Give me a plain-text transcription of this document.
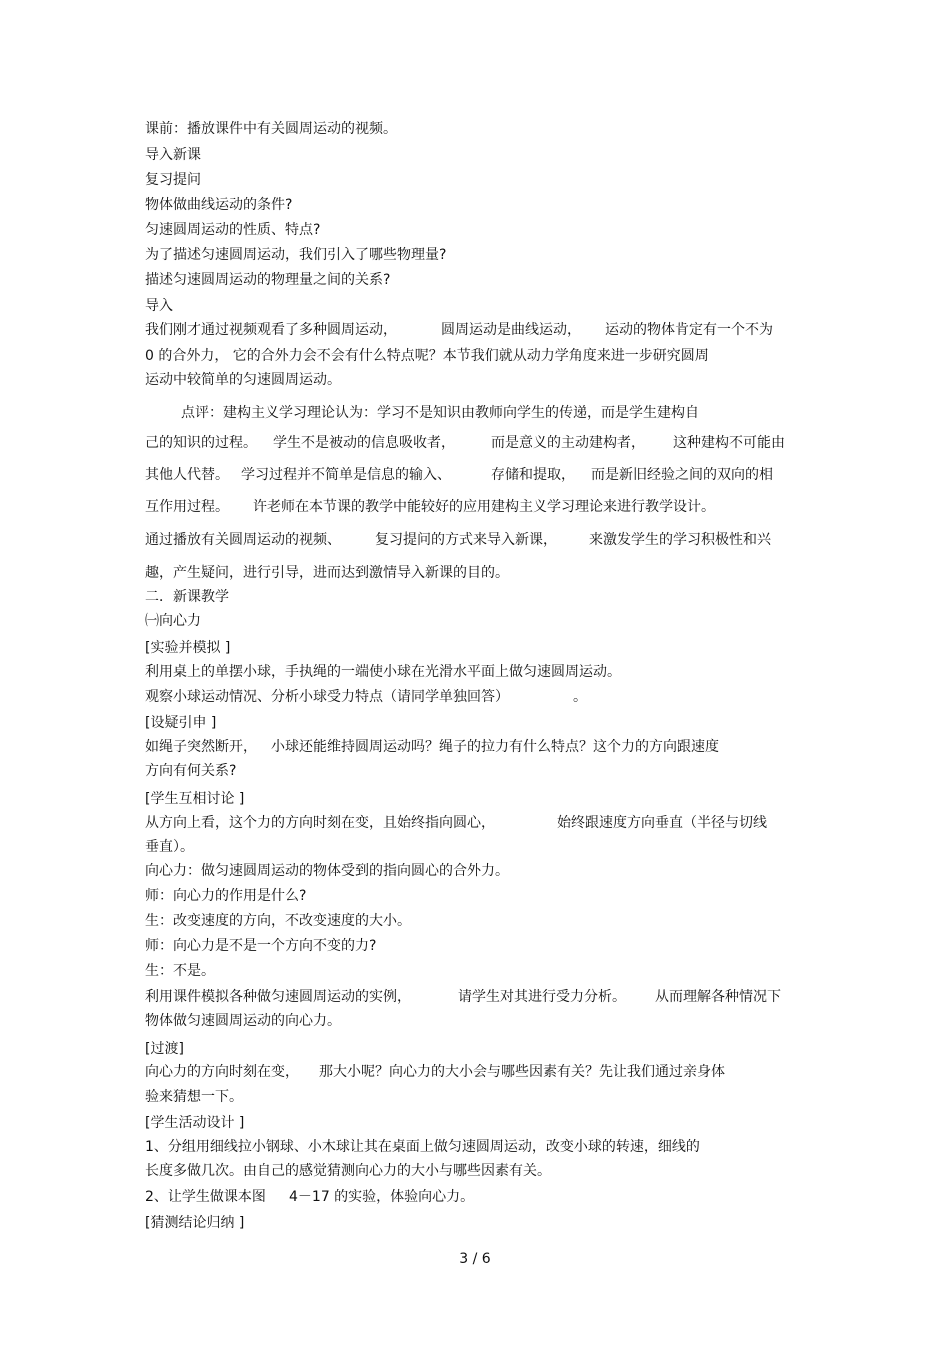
课前：播放课件中有关圆周运动的视频。
导入新课
复习提问
物体做曲线运动的条件?
匀速圆周运动的性质、特点?
为了描述匀速圆周运动，我们引入了哪些物理量?
描述匀速圆周运动的物理量之间的关系?
导入
我们刚才通过视频观看了多种圆周运动，	圆周运动是曲线运动， 运动的物体肯定有一个不为
0 的合外力， 它的合外力会不会有什么特点呢？本节我们就从动力学角度来进一步研究圆周
运动中较简单的匀速圆周运动。
点评：建构主义学习理论认为：学习不是知识由教师向学生的传递，而是学生建构自
己的知识的过程。 学生不是被动的信息吸收者，	而是意义的主动建构者， 这种建构不可能由
其他人代替。 学习过程并不简单是信息的输入、	存储和提取， 而是新旧经验之间的双向的相
互作用过程。 许老师在本节课的教学中能较好的应用建构主义学习理论来进行教学设计。
通过播放有关圆周运动的视频、 复习提问的方式来导入新课， 来激发学生的学习积极性和兴
趣，产生疑问，进行引导，进而达到激情导入新课的目的。
二．新课教学
㈠向心力
[实验并模拟 ]
利用桌上的单摆小球，手执绳的一端使小球在光滑水平面上做匀速圆周运动。
观察小球运动情况、分析小球受力特点（请同学单独回答）	。
[设疑引申 ]
如绳子突然断开， 小球还能维持圆周运动吗？绳子的拉力有什么特点？这个力的方向跟速度
方向有何关系?
[学生互相讨论 ]
从方向上看，这个力的方向时刻在变，且始终指向圆心，	始终跟速度方向垂直（半径与切线
垂直）。
向心力：做匀速圆周运动的物体受到的指向圆心的合外力。
师：向心力的作用是什么?
生：改变速度的方向，不改变速度的大小。
师：向心力是不是一个方向不变的力?
生：不是。
利用课件模拟各种做匀速圆周运动的实例，	请学生对其进行受力分析。 从而理解各种情况下
物体做匀速圆周运动的向心力。
[过渡]
向心力的方向时刻在变， 那大小呢？向心力的大小会与哪些因素有关？先让我们通过亲身体
验来猜想一下。
[学生活动设计 ]
1、分组用细线拉小钢球、小木球让其在桌面上做匀速圆周运动，改变小球的转速，细线的
长度多做几次。由自己的感觉猜测向心力的大小与哪些因素有关。
2、让学生做课本图 4－17 的实验，体验向心力。
[猜测结论归纳 ]
3 / 6
